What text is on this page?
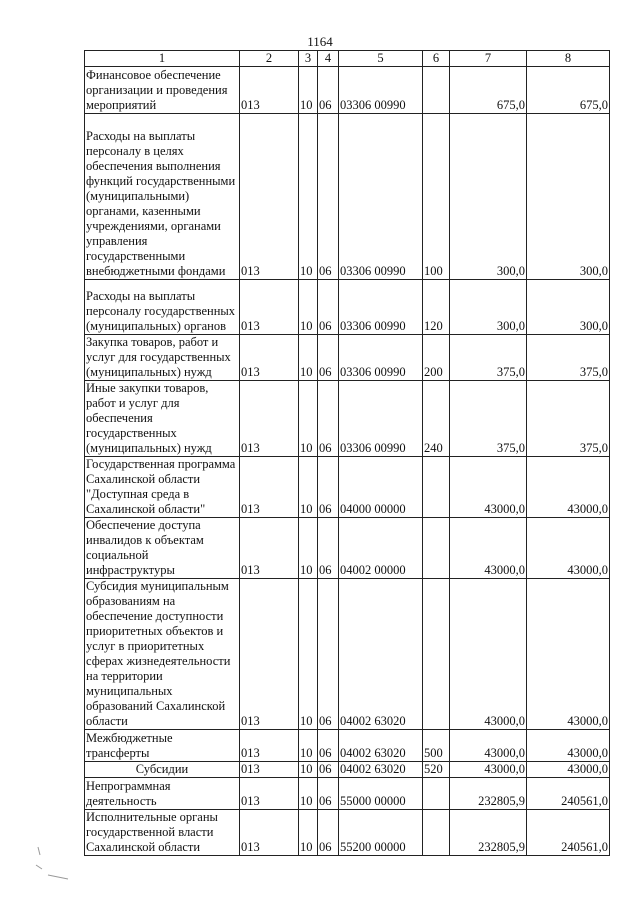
1164
1	2	3	4	5	6	7	8
Финансовое обеспечение организации и проведения мероприятий	013	10	06	03306 00990		675,0	675,0
Расходы на выплаты персоналу в целях обеспечения выполнения функций государственными (муниципальными) органами, казенными учреждениями, органами управления государственными внебюджетными фондами	013	10	06	03306 00990	100	300,0	300,0
Расходы на выплаты персоналу государственных (муниципальных) органов	013	10	06	03306 00990	120	300,0	300,0
Закупка товаров, работ и услуг для государственных (муниципальных) нужд	013	10	06	03306 00990	200	375,0	375,0
Иные закупки товаров, работ и услуг для обеспечения государственных (муниципальных) нужд	013	10	06	03306 00990	240	375,0	375,0
Государственная программа Сахалинской области "Доступная среда в Сахалинской области"	013	10	06	04000 00000		43000,0	43000,0
Обеспечение доступа инвалидов к объектам социальной инфраструктуры	013	10	06	04002 00000		43000,0	43000,0
Субсидия муниципальным образованиям на обеспечение доступности приоритетных объектов и услуг в приоритетных сферах жизнедеятельности на территории муниципальных образований Сахалинской области	013	10	06	04002 63020		43000,0	43000,0
Межбюджетные трансферты	013	10	06	04002 63020	500	43000,0	43000,0
Субсидии	013	10	06	04002 63020	520	43000,0	43000,0
Непрограммная деятельность	013	10	06	55000 00000		232805,9	240561,0
Исполнительные органы государственной власти Сахалинской области	013	10	06	55200 00000		232805,9	240561,0
